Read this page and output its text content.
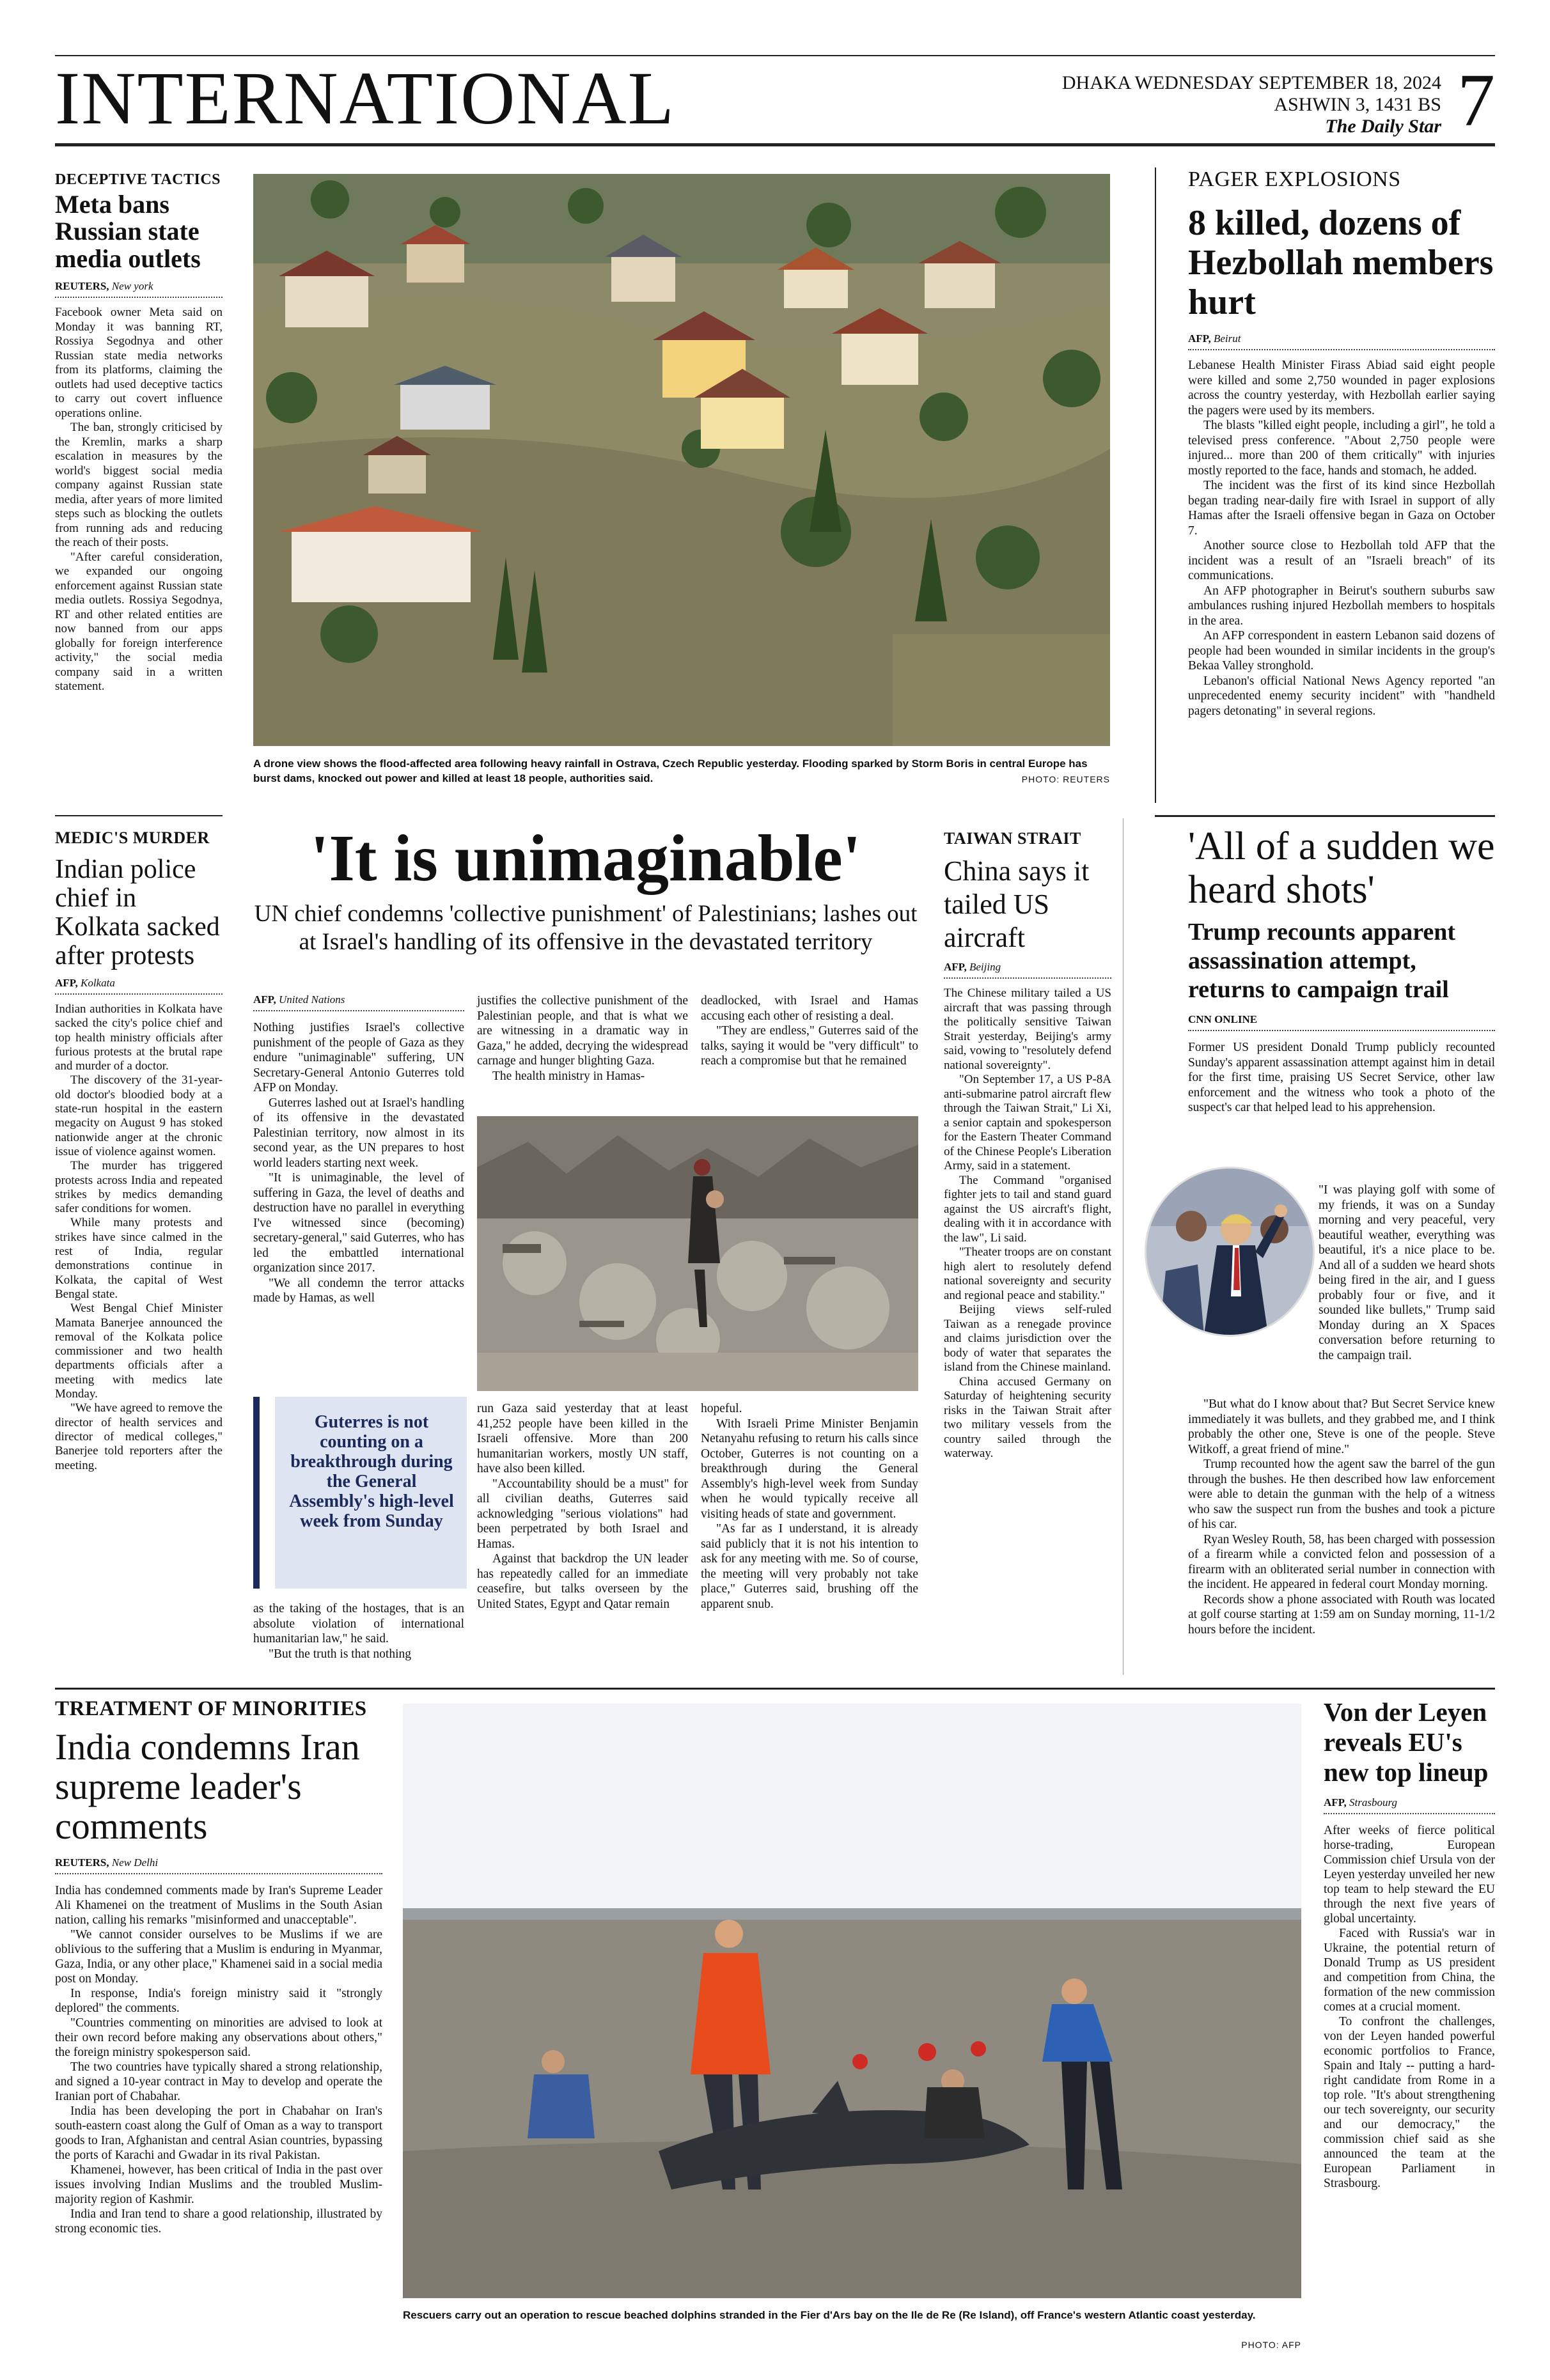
INTERNATIONAL	DHAKA WEDNESDAY SEPTEMBER 18, 2024
ASHWIN 3, 1431 BS
The Daily Star 7
DECEPTIVE TACTICS
Meta bans Russian state media outlets
REUTERS, New york

Facebook owner Meta said on Monday it was banning RT, Rossiya Segodnya and other Russian state media networks from its platforms, claiming the outlets had used deceptive tactics to carry out covert influence operations online.

The ban, strongly criticised by the Kremlin, marks a sharp escalation in measures by the world's biggest social media company against Russian state media, after years of more limited steps such as blocking the outlets from running ads and reducing the reach of their posts.

"After careful consideration, we expanded our ongoing enforcement against Russian state media outlets. Rossiya Segodnya, RT and other related entities are now banned from our apps globally for foreign interference activity," the social media company said in a written statement.

A drone view shows the flood-affected area following heavy rainfall in Ostrava, Czech Republic yesterday. Flooding sparked by Storm Boris in central Europe has burst dams, knocked out power and killed at least 18 people, authorities said.	PHOTO: REUTERS
PAGER EXPLOSIONS
8 killed, dozens of Hezbollah members hurt
AFP, Beirut

Lebanese Health Minister Firass Abiad said eight people were killed and some 2,750 wounded in pager explosions across the country yesterday, with Hezbollah earlier saying the pagers were used by its members.

The blasts "killed eight people, including a girl", he told a televised press conference. "About 2,750 people were injured... more than 200 of them critically" with injuries mostly reported to the face, hands and stomach, he added.

The incident was the first of its kind since Hezbollah began trading near-daily fire with Israel in support of ally Hamas after the Israeli offensive began in Gaza on October 7.

Another source close to Hezbollah told AFP that the incident was a result of an "Israeli breach" of its communications.

An AFP photographer in Beirut's southern suburbs saw ambulances rushing injured Hezbollah members to hospitals in the area.

An AFP correspondent in eastern Lebanon said dozens of people had been wounded in similar incidents in the group's Bekaa Valley stronghold.

Lebanon's official National News Agency reported "an unprecedented enemy security incident" with "handheld pagers detonating" in several regions.

MEDIC'S MURDER
Indian police chief in Kolkata sacked after protests
AFP, Kolkata

Indian authorities in Kolkata have sacked the city's police chief and top health ministry officials after furious protests at the brutal rape and murder of a doctor.

The discovery of the 31-year-old doctor's bloodied body at a state-run hospital in the eastern megacity on August 9 has stoked nationwide anger at the chronic issue of violence against women.

The murder has triggered protests across India and repeated strikes by medics demanding safer conditions for women.

While many protests and strikes have since calmed in the rest of India, regular demonstrations continue in Kolkata, the capital of West Bengal state.

West Bengal Chief Minister Mamata Banerjee announced the removal of the Kolkata police commissioner and two health departments officials after a meeting with medics late Monday.

"We have agreed to remove the director of health services and director of medical colleges," Banerjee told reporters after the meeting.

'It is unimaginable'
UN chief condemns 'collective punishment' of Palestinians; lashes out at Israel's handling of its offensive in the devastated territory
AFP, United Nations

Nothing justifies Israel's collective punishment of the people of Gaza as they endure "unimaginable" suffering, UN Secretary-General Antonio Guterres told AFP on Monday.

Guterres lashed out at Israel's handling of its offensive in the devastated Palestinian territory, now almost in its second year, as the UN prepares to host world leaders starting next week.

"It is unimaginable, the level of suffering in Gaza, the level of deaths and destruction have no parallel in everything I've witnessed since (becoming) secretary-general," said Guterres, who has led the embattled international organization since 2017.

"We all condemn the terror attacks made by Hamas, as well

Guterres is not counting on a breakthrough during the General Assembly's high-level week from Sunday

as the taking of the hostages, that is an absolute violation of international humanitarian law," he said.

"But the truth is that nothing

justifies the collective punishment of the Palestinian people, and that is what we are witnessing in a dramatic way in Gaza," he added, decrying the widespread carnage and hunger blighting Gaza.

The health ministry in Hamas-

deadlocked, with Israel and Hamas accusing each other of resisting a deal.

"They are endless," Guterres said of the talks, saying it would be "very difficult" to reach a compromise but that he remained

run Gaza said yesterday that at least 41,252 people have been killed in the Israeli offensive. More than 200 humanitarian workers, mostly UN staff, have also been killed.

"Accountability should be a must" for all civilian deaths, Guterres said acknowledging "serious violations" had been perpetrated by both Israel and Hamas.

Against that backdrop the UN leader has repeatedly called for an immediate ceasefire, but talks overseen by the United States, Egypt and Qatar remain

hopeful.

With Israeli Prime Minister Benjamin Netanyahu refusing to return his calls since October, Guterres is not counting on a breakthrough during the General Assembly's high-level week from Sunday when he would typically receive all visiting heads of state and government.

"As far as I understand, it is already said publicly that it is not his intention to ask for any meeting with me. So of course, the meeting will very probably not take place," Guterres said, brushing off the apparent snub.

TAIWAN STRAIT
China says it tailed US aircraft
AFP, Beijing

The Chinese military tailed a US aircraft that was passing through the politically sensitive Taiwan Strait yesterday, Beijing's army said, vowing to "resolutely defend national sovereignty".

"On September 17, a US P-8A anti-submarine patrol aircraft flew through the Taiwan Strait," Li Xi, a senior captain and spokesperson for the Eastern Theater Command of the Chinese People's Liberation Army, said in a statement.

The Command "organised fighter jets to tail and stand guard against the US aircraft's flight, dealing with it in accordance with the law", Li said.

"Theater troops are on constant high alert to resolutely defend national sovereignty and security and regional peace and stability."

Beijing views self-ruled Taiwan as a renegade province and claims jurisdiction over the body of water that separates the island from the Chinese mainland.

China accused Germany on Saturday of heightening security risks in the Taiwan Strait after two military vessels from the country sailed through the waterway.

'All of a sudden we heard shots'
Trump recounts apparent assassination attempt, returns to campaign trail
CNN ONLINE

Former US president Donald Trump publicly recounted Sunday's apparent assassination attempt against him in detail for the first time, praising US Secret Service, other law enforcement and the witness who took a photo of the suspect's car that helped lead to his apprehension.

"I was playing golf with some of my friends, it was on a Sunday morning and very peaceful, very beautiful weather, everything was beautiful, it's a nice place to be. And all of a sudden we heard shots being fired in the air, and I guess probably four or five, and it sounded like bullets," Trump said Monday during an X Spaces conversation before returning to the campaign trail.

"But what do I know about that? But Secret Service knew immediately it was bullets, and they grabbed me, and I think probably the other one, Steve is one of the people. Steve Witkoff, a great friend of mine."

Trump recounted how the agent saw the barrel of the gun through the bushes. He then described how law enforcement were able to detain the gunman with the help of a witness who saw the suspect run from the bushes and took a picture of his car.

Ryan Wesley Routh, 58, has been charged with possession of a firearm while a convicted felon and possession of a firearm with an obliterated serial number in connection with the incident. He appeared in federal court Monday morning.

Records show a phone associated with Routh was located at golf course starting at 1:59 am on Sunday morning, 11-1/2 hours before the incident.

TREATMENT OF MINORITIES
India condemns Iran supreme leader's comments
REUTERS, New Delhi

India has condemned comments made by Iran's Supreme Leader Ali Khamenei on the treatment of Muslims in the South Asian nation, calling his remarks "misinformed and unacceptable".

"We cannot consider ourselves to be Muslims if we are oblivious to the suffering that a Muslim is enduring in Myanmar, Gaza, India, or any other place," Khamenei said in a social media post on Monday.

In response, India's foreign ministry said it "strongly deplored" the comments.

"Countries commenting on minorities are advised to look at their own record before making any observations about others," the foreign ministry spokesperson said.

The two countries have typically shared a strong relationship, and signed a 10-year contract in May to develop and operate the Iranian port of Chabahar.

India has been developing the port in Chabahar on Iran's south-eastern coast along the Gulf of Oman as a way to transport goods to Iran, Afghanistan and central Asian countries, bypassing the ports of Karachi and Gwadar in its rival Pakistan.

Khamenei, however, has been critical of India in the past over issues involving Indian Muslims and the troubled Muslim-majority region of Kashmir.

India and Iran tend to share a good relationship, illustrated by strong economic ties.

Rescuers carry out an operation to rescue beached dolphins stranded in the Fier d'Ars bay on the Ile de Re (Re Island), off France's western Atlantic coast yesterday.
PHOTO: AFP
Von der Leyen reveals EU's new top lineup
AFP, Strasbourg

After weeks of fierce political horse-trading, European Commission chief Ursula von der Leyen yesterday unveiled her new top team to help steward the EU through the next five years of global uncertainty.

Faced with Russia's war in Ukraine, the potential return of Donald Trump as US president and competition from China, the formation of the new commission comes at a crucial moment.

To confront the challenges, von der Leyen handed powerful economic portfolios to France, Spain and Italy -- putting a hard-right candidate from Rome in a top role. "It's about strengthening our tech sovereignty, our security and our democracy," the commission chief said as she announced the team at the European Parliament in Strasbourg.
